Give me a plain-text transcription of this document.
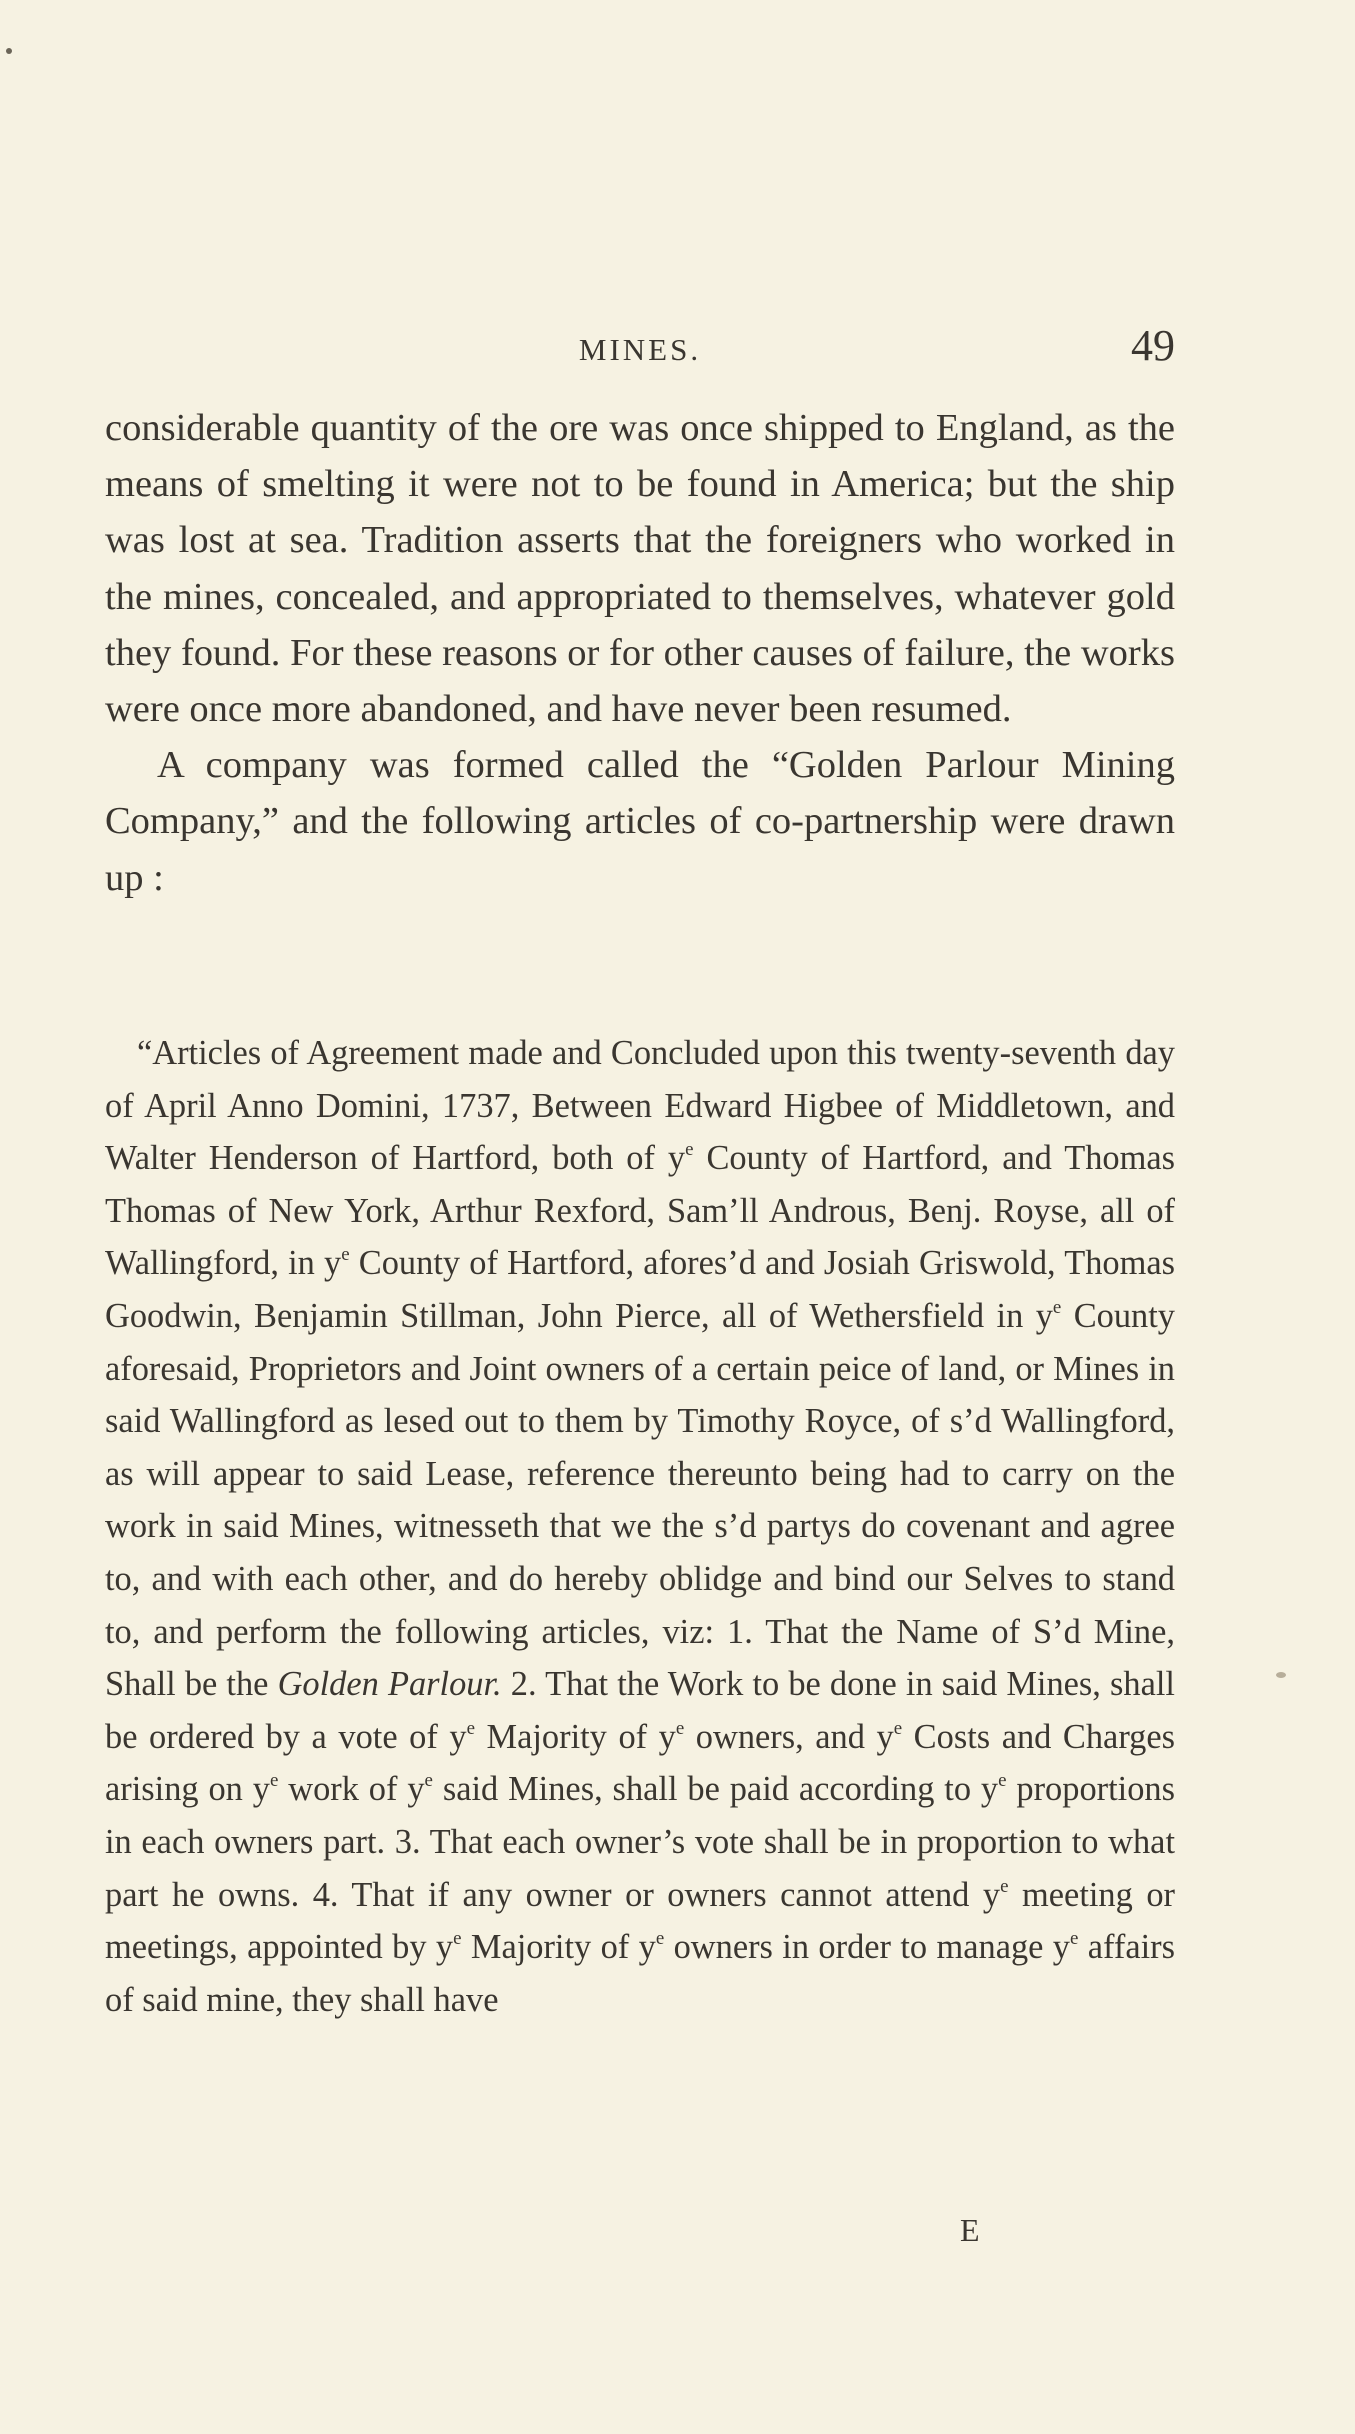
MINES.	49

considerable quantity of the ore was once shipped to England, as the means of smelting it were not to be found in America; but the ship was lost at sea. Tradition asserts that the foreigners who worked in the mines, concealed, and appropriated to themselves, whatever gold they found. For these reasons or for other causes of failure, the works were once more abandoned, and have never been resumed.

A company was formed called the “Golden Parlour Mining Company,” and the following articles of co-partnership were drawn up :

“Articles of Agreement made and Concluded upon this twenty-seventh day of April Anno Domini, 1737, Between Edward Higbee of Middletown, and Walter Henderson of Hartford, both of $y^e$ County of Hartford, and Thomas Thomas of New York, Arthur Rexford, Sam’ll Androus, Benj. Royse, all of Wallingford, in $y^e$ County of Hartford, afores’d and Josiah Griswold, Thomas Goodwin, Benjamin Stillman, John Pierce, all of Wethersfield in $y^e$ County aforesaid, Proprietors and Joint owners of a certain peice of land, or Mines in said Wallingford as lesed out to them by Timothy Royce, of s’d Wallingford, as will appear to said Lease, reference thereunto being had to carry on the work in said Mines, witnesseth that we the s’d partys do covenant and agree to, and with each other, and do hereby oblidge and bind our Selves to stand to, and perform the following articles, viz: 1. That the Name of S’d Mine, Shall be the Golden Parlour. 2. That the Work to be done in said Mines, shall be ordered by a vote of $y^e$ Majority of $y^e$ owners, and $y^e$ Costs and Charges arising on $y^e$ work of $y^e$ said Mines, shall be paid according to $y^e$ proportions in each owners part. 3. That each owner’s vote shall be in proportion to what part he owns. 4. That if any owner or owners cannot attend $y^e$ meeting or meetings, appointed by $y^e$ Majority of $y^e$ owners in order to manage $y^e$ affairs of said mine, they shall have

E
